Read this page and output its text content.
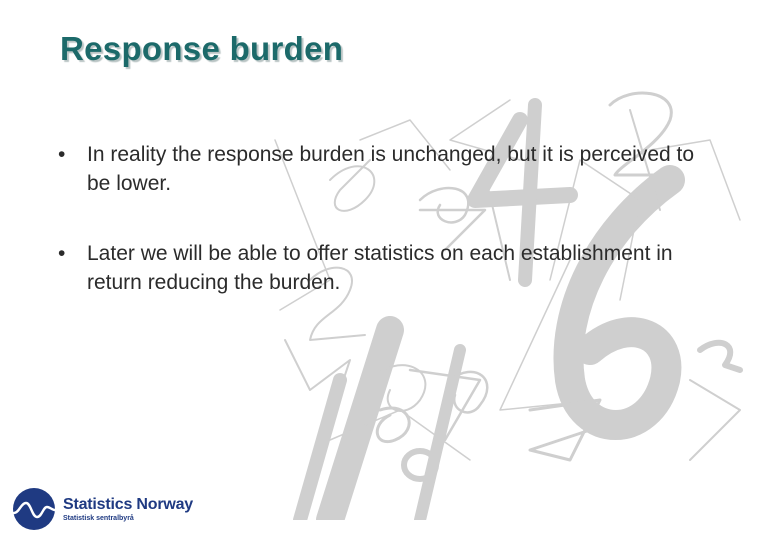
Response burden
• In reality the response burden is unchanged, but it is perceived to be lower.
• Later we will be able to offer statistics on each establishment in return reducing the burden.
Statistics Norway
Statistisk sentralbyrå
